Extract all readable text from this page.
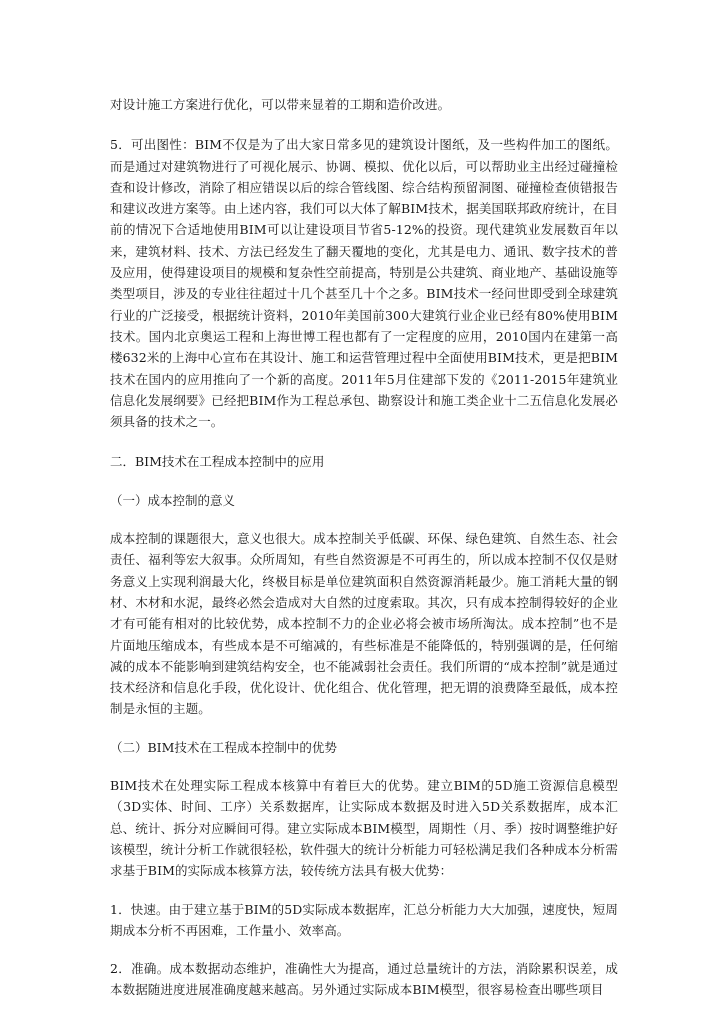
对设计施工方案进行优化，可以带来显着的工期和造价改进。

5．可出图性：BIM不仅是为了出大家日常多见的建筑设计图纸，及一些构件加工的图纸。而是通过对建筑物进行了可视化展示、协调、模拟、优化以后，可以帮助业主出经过碰撞检查和设计修改，消除了相应错误以后的综合管线图、综合结构预留洞图、碰撞检查侦错报告和建议改进方案等。由上述内容，我们可以大体了解BIM技术，据美国联邦政府统计，在目前的情况下合适地使用BIM可以让建设项目节省5-12%的投资。现代建筑业发展数百年以来，建筑材料、技术、方法已经发生了翻天覆地的变化，尤其是电力、通讯、数字技术的普及应用，使得建设项目的规模和复杂性空前提高，特别是公共建筑、商业地产、基础设施等类型项目，涉及的专业往往超过十几个甚至几十个之多。BIM技术一经问世即受到全球建筑行业的广泛接受，根据统计资料，2010年美国前300大建筑行业企业已经有80%使用BIM技术。国内北京奥运工程和上海世博工程也都有了一定程度的应用，2010国内在建第一高楼632米的上海中心宣布在其设计、施工和运营管理过程中全面使用BIM技术，更是把BIM技术在国内的应用推向了一个新的高度。2011年5月住建部下发的《2011-2015年建筑业信息化发展纲要》已经把BIM作为工程总承包、勘察设计和施工类企业十二五信息化发展必须具备的技术之一。

二．BIM技术在工程成本控制中的应用

（一）成本控制的意义

成本控制的课题很大，意义也很大。成本控制关乎低碳、环保、绿色建筑、自然生态、社会责任、福利等宏大叙事。众所周知，有些自然资源是不可再生的，所以成本控制不仅仅是财务意义上实现利润最大化，终极目标是单位建筑面积自然资源消耗最少。施工消耗大量的钢材、木材和水泥，最终必然会造成对大自然的过度索取。其次，只有成本控制得较好的企业才有可能有相对的比较优势，成本控制不力的企业必将会被市场所淘汰。成本控制”也不是片面地压缩成本，有些成本是不可缩减的，有些标准是不能降低的，特别强调的是，任何缩减的成本不能影响到建筑结构安全，也不能减弱社会责任。我们所谓的“成本控制”就是通过技术经济和信息化手段，优化设计、优化组合、优化管理，把无谓的浪费降至最低，成本控制是永恒的主题。

（二）BIM技术在工程成本控制中的优势

BIM技术在处理实际工程成本核算中有着巨大的优势。建立BIM的5D施工资源信息模型（3D实体、时间、工序）关系数据库，让实际成本数据及时进入5D关系数据库，成本汇总、统计、拆分对应瞬间可得。建立实际成本BIM模型，周期性（月、季）按时调整维护好该模型，统计分析工作就很轻松，软件强大的统计分析能力可轻松满足我们各种成本分析需求基于BIM的实际成本核算方法，较传统方法具有极大优势：

1．快速。由于建立基于BIM的5D实际成本数据库，汇总分析能力大大加强，速度快，短周期成本分析不再困难，工作量小、效率高。

2．准确。成本数据动态维护，准确性大为提高，通过总量统计的方法，消除累积误差，成本数据随进度进展准确度越来越高。另外通过实际成本BIM模型，很容易检查出哪些项目
